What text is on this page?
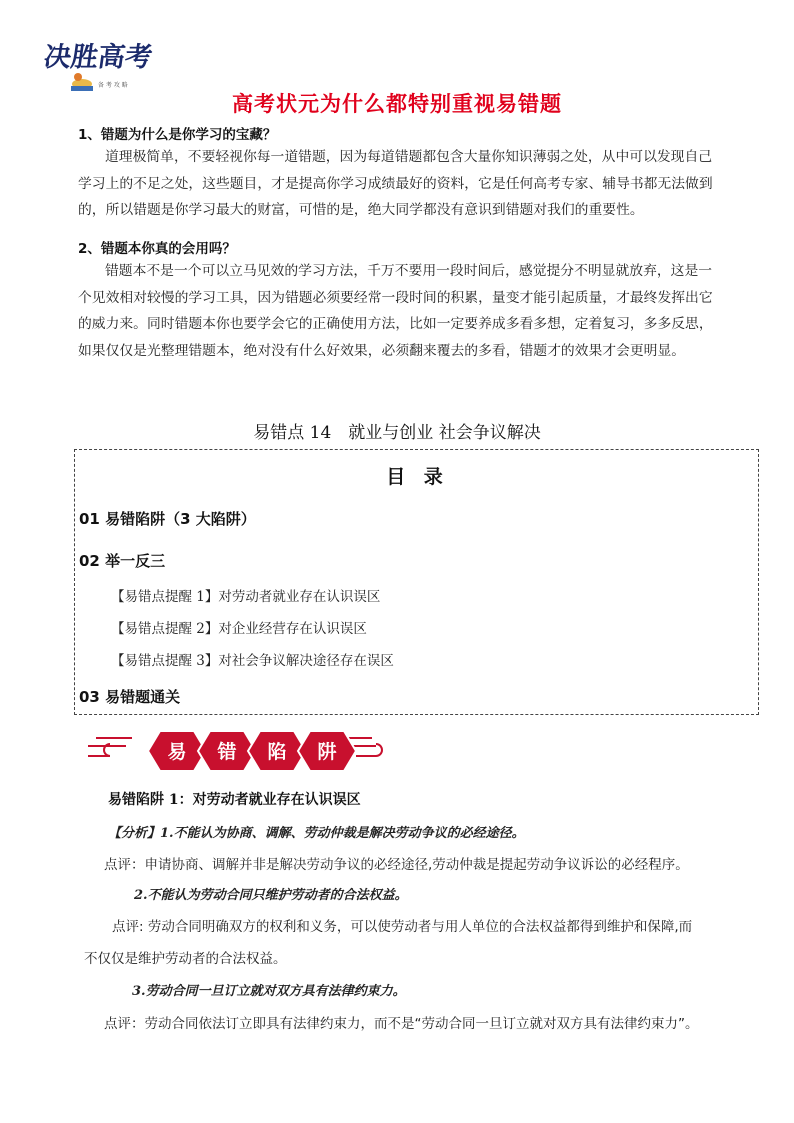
决胜高考
备 考 攻 略
高考状元为什么都特别重视易错题
1、错题为什么是你学习的宝藏？
道理极简单，不要轻视你每一道错题，因为每道错题都包含大量你知识薄弱之处，从中可以发现自己
学习上的不足之处，这些题目，才是提高你学习成绩最好的资料，它是任何高考专家、辅导书都无法做到
的，所以错题是你学习最大的财富，可惜的是，绝大同学都没有意识到错题对我们的重要性。
2、错题本你真的会用吗？
错题本不是一个可以立马见效的学习方法，千万不要用一段时间后，感觉提分不明显就放弃，这是一
个见效相对较慢的学习工具，因为错题必须要经常一段时间的积累，量变才能引起质量，才最终发挥出它
的威力来。同时错题本你也要学会它的正确使用方法，比如一定要养成多看多想，定着复习，多多反思，
如果仅仅是光整理错题本，绝对没有什么好效果，必须翻来覆去的多看，错题才的效果才会更明显。
易错点 14　就业与创业 社会争议解决
目 录
01 易错陷阱（3 大陷阱）
02 举一反三
【易错点提醒 1】对劳动者就业存在认识误区
【易错点提醒 2】对企业经营存在认识误区
【易错点提醒 3】对社会争议解决途径存在误区
03 易错题通关
易 错 陷 阱
易错陷阱 1：对劳动者就业存在认识误区
【分析】1.不能认为协商、调解、劳动仲裁是解决劳动争议的必经途径。
点评：申请协商、调解并非是解决劳动争议的必经途径,劳动仲裁是提起劳动争议诉讼的必经程序。
2.不能认为劳动合同只维护劳动者的合法权益。
点评: 劳动合同明确双方的权利和义务，可以使劳动者与用人单位的合法权益都得到维护和保障,而
不仅仅是维护劳动者的合法权益。
3.劳动合同一旦订立就对双方具有法律约束力。
点评：劳动合同依法订立即具有法律约束力，而不是“劳动合同一旦订立就对双方具有法律约束力”。
